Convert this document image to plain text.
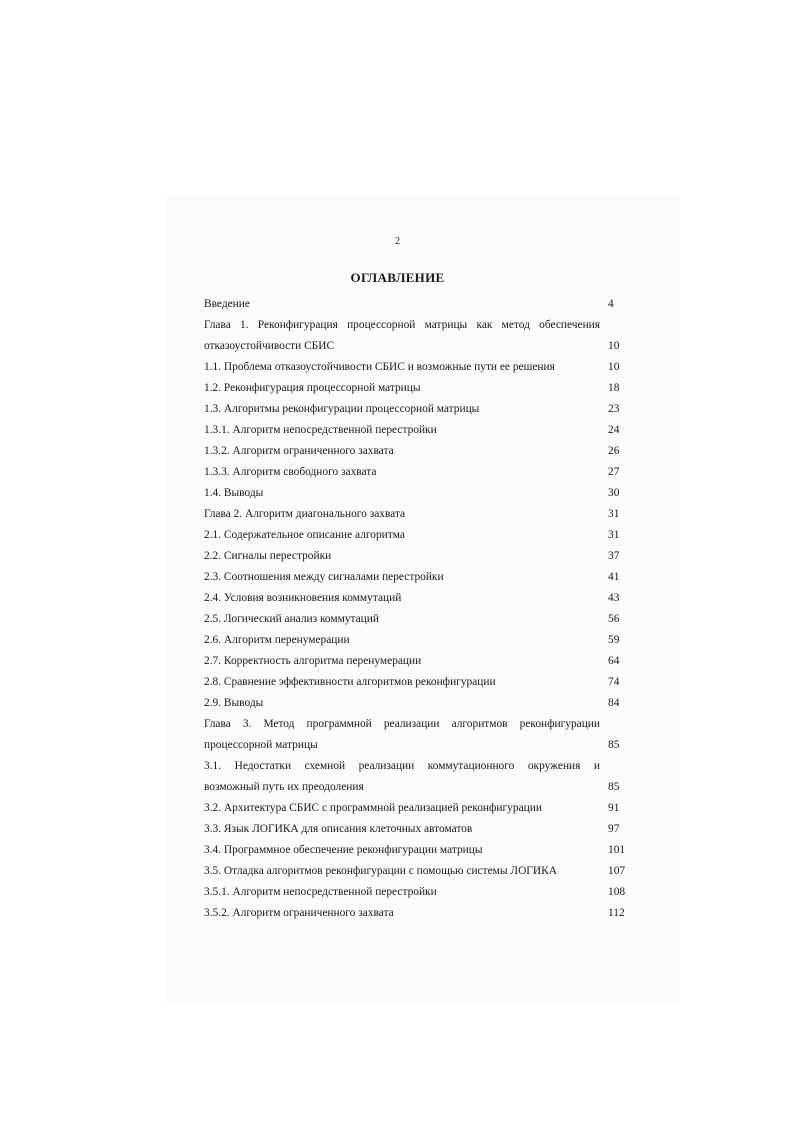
2
ОГЛАВЛЕНИЕ
Введение	4
Глава 1. Реконфигурация процессорной матрицы как метод обеспечения
отказоустойчивости СБИС	10
1.1. Проблема отказоустойчивости СБИС и возможные пути ее решения	10
1.2. Реконфигурация процессорной матрицы	18
1.3. Алгоритмы реконфигурации процессорной матрицы	23
1.3.1. Алгоритм непосредственной перестройки	24
1.3.2. Алгоритм ограниченного захвата	26
1.3.3. Алгоритм свободного захвата	27
1.4. Выводы	30
Глава 2. Алгоритм диагонального захвата	31
2.1. Содержательное описание алгоритма	31
2.2. Сигналы перестройки	37
2.3. Соотношения между сигналами перестройки	41
2.4. Условия возникновения коммутаций	43
2.5. Логический анализ коммутаций	56
2.6. Алгоритм перенумерации	59
2.7. Корректность алгоритма перенумерации	64
2.8. Сравнение эффективности алгоритмов реконфигурации	74
2.9. Выводы	84
Глава 3. Метод программной реализации алгоритмов реконфигурации
процессорной матрицы	85
3.1. Недостатки схемной реализации коммутационного окружения и
возможный путь их преодоления	85
3.2. Архитектура СБИС с программной реализацией реконфигурации	91
3.3. Язык ЛОГИКА для описания клеточных автоматов	97
3.4. Программное обеспечение реконфигурации матрицы	101
3.5. Отладка алгоритмов реконфигурации с помощью системы ЛОГИКА	107
3.5.1. Алгоритм непосредственной перестройки	108
3.5.2. Алгоритм ограниченного захвата	112
